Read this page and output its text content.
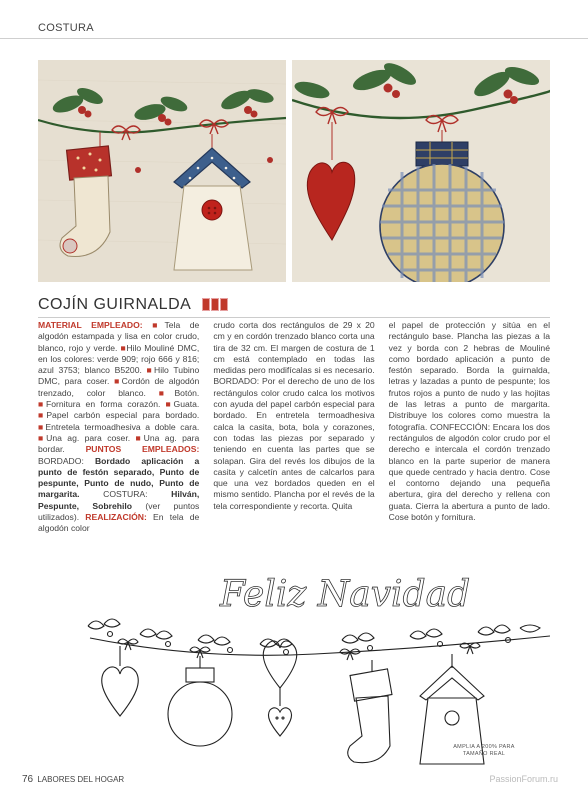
COSTURA
COJÍN GUIRNALDA

MATERIAL EMPLEADO: ■Tela de algodón estampada y lisa en color crudo, blanco, rojo y verde. ■Hilo Mouliné DMC, en los colores: verde 909; rojo 666 y 816; azul 3753; blanco B5200. ■Hilo Tubino DMC, para coser. ■Cordón de algodón trenzado, color blanco. ■Botón. ■Fornitura en forma corazón. ■Guata. ■Papel carbón especial para bordado. ■Entretela termoadhesiva a doble cara. ■Una ag. para coser. ■Una ag. para bordar. PUNTOS EMPLEADOS: BORDADO: Bordado aplicación a punto de festón separado, Punto de pespunte, Punto de nudo, Punto de margarita. COSTURA: Hilván, Pespunte, Sobrehilo (ver puntos utilizados). REALIZACIÓN: En tela de algodón color

crudo corta dos rectángulos de 29 x 20 cm y en cordón trenzado blanco corta una tira de 32 cm. El margen de costura de 1 cm está contemplado en todas las medidas pero modifícalas si es necesario. BORDADO: Por el derecho de uno de los rectángulos color crudo calca los motivos con ayuda del papel carbón especial para bordado. En entretela termoadhesiva calca la casita, bota, bola y corazones, con todas las piezas por separado y teniendo en cuenta las partes que se solapan. Gira del revés los dibujos de la casita y calcetín antes de calcarlos para que una vez bordados queden en el mismo sentido. Plancha por el revés de la tela correspondiente y recorta. Quita

el papel de protección y sitúa en el rectángulo base. Plancha las piezas a la vez y borda con 2 hebras de Mouliné como bordado aplicación a punto de festón separado. Borda la guirnalda, letras y lazadas a punto de pespunte; los frutos rojos a punto de nudo y las hojitas de las letras a punto de margarita. Distribuye los colores como muestra la fotografía. CONFECCIÓN: Encara los dos rectángulos de algodón color crudo por el derecho e intercala el cordón trenzado blanco en la parte superior de manera que quede centrado y hacia dentro. Cose el contorno dejando una pequeña abertura, gira del derecho y rellena con guata. Cierra la abertura a punto de lado. Cose botón y fornitura.

Feliz Navidad
AMPLIA A 200% PARA
TAMAÑO REAL
76 LABORES DEL HOGAR	PassionForum.ru
